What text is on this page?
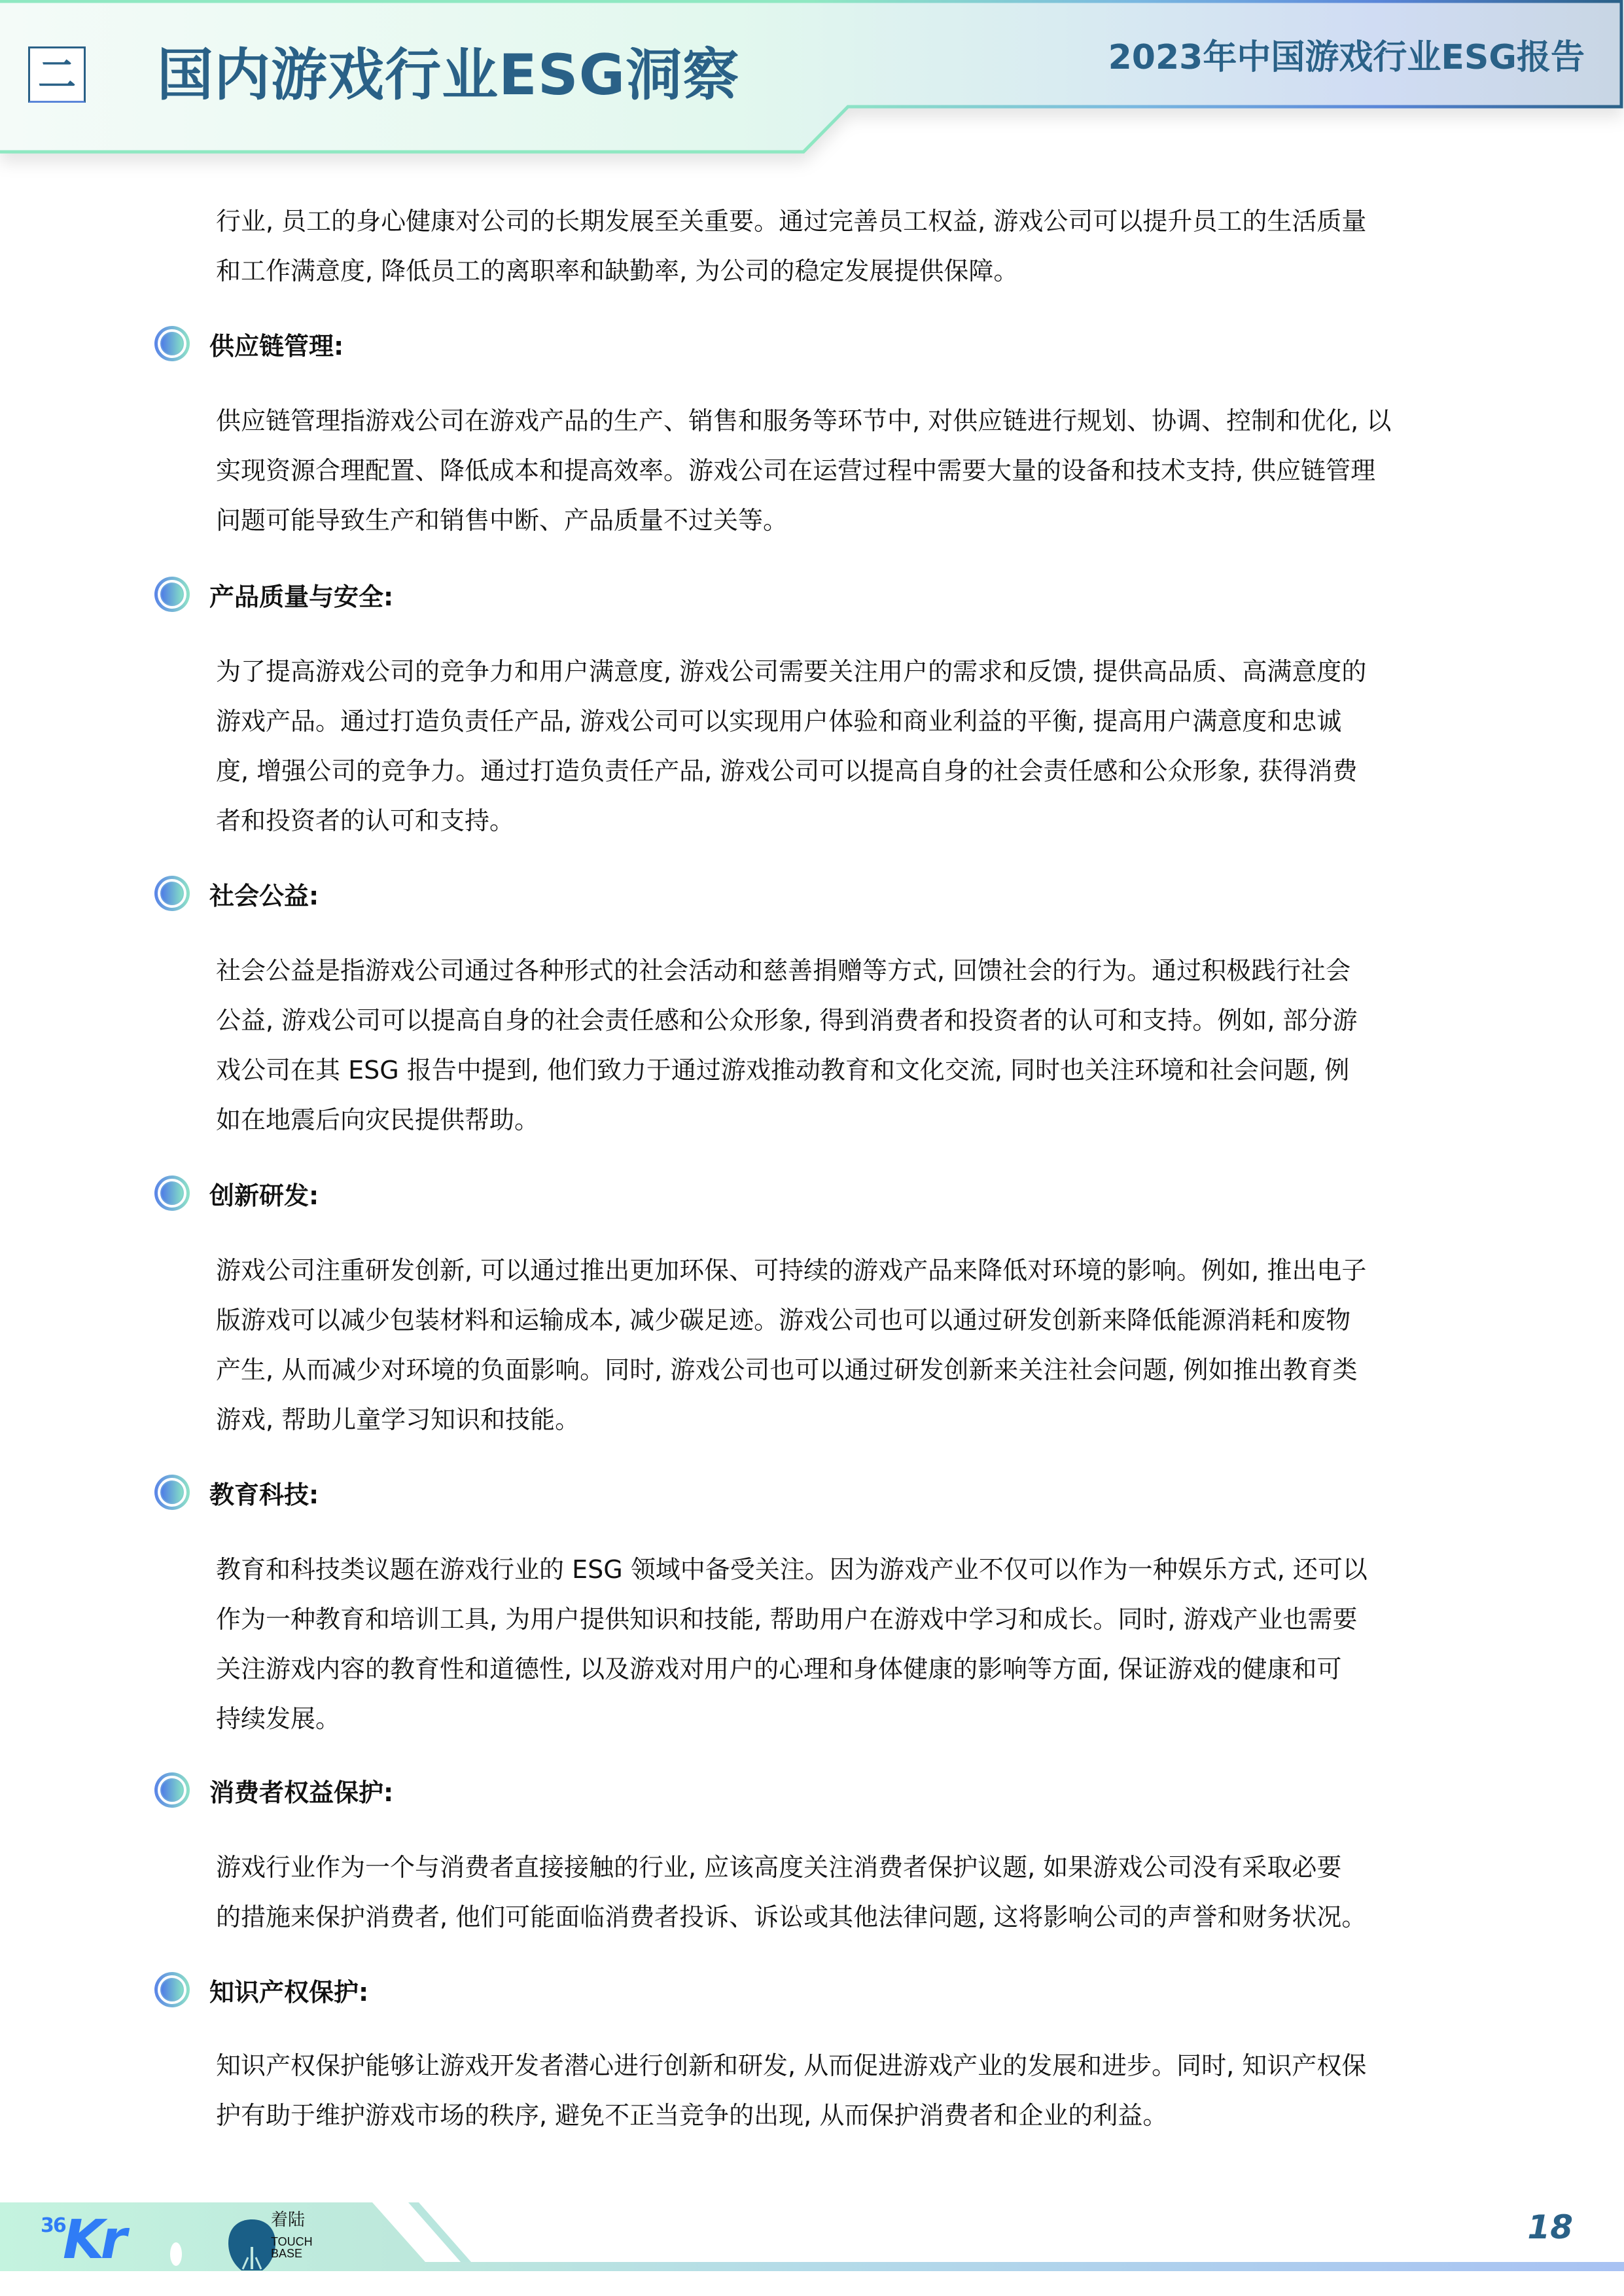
二 国内游戏行业ESG洞察	2023年中国游戏行业ESG报告
行业, 员工的身心健康对公司的长期发展至关重要。通过完善员工权益, 游戏公司可以提升员工的生活质量
和工作满意度, 降低员工的离职率和缺勤率, 为公司的稳定发展提供保障。
供应链管理:
供应链管理指游戏公司在游戏产品的生产、销售和服务等环节中, 对供应链进行规划、协调、控制和优化, 以
实现资源合理配置、降低成本和提高效率。游戏公司在运营过程中需要大量的设备和技术支持, 供应链管理
问题可能导致生产和销售中断、产品质量不过关等。
产品质量与安全:
为了提高游戏公司的竞争力和用户满意度, 游戏公司需要关注用户的需求和反馈, 提供高品质、高满意度的
游戏产品。通过打造负责任产品, 游戏公司可以实现用户体验和商业利益的平衡, 提高用户满意度和忠诚
度, 增强公司的竞争力。通过打造负责任产品, 游戏公司可以提高自身的社会责任感和公众形象, 获得消费
者和投资者的认可和支持。
社会公益:
社会公益是指游戏公司通过各种形式的社会活动和慈善捐赠等方式, 回馈社会的行为。通过积极践行社会
公益, 游戏公司可以提高自身的社会责任感和公众形象, 得到消费者和投资者的认可和支持。例如, 部分游
戏公司在其 ESG 报告中提到, 他们致力于通过游戏推动教育和文化交流, 同时也关注环境和社会问题, 例
如在地震后向灾民提供帮助。
创新研发:
游戏公司注重研发创新, 可以通过推出更加环保、可持续的游戏产品来降低对环境的影响。例如, 推出电子
版游戏可以减少包装材料和运输成本, 减少碳足迹。游戏公司也可以通过研发创新来降低能源消耗和废物
产生, 从而减少对环境的负面影响。同时, 游戏公司也可以通过研发创新来关注社会问题, 例如推出教育类
游戏, 帮助儿童学习知识和技能。
教育科技:
教育和科技类议题在游戏行业的 ESG 领域中备受关注。因为游戏产业不仅可以作为一种娱乐方式, 还可以
作为一种教育和培训工具, 为用户提供知识和技能, 帮助用户在游戏中学习和成长。同时, 游戏产业也需要
关注游戏内容的教育性和道德性, 以及游戏对用户的心理和身体健康的影响等方面, 保证游戏的健康和可
持续发展。
消费者权益保护:
游戏行业作为一个与消费者直接接触的行业, 应该高度关注消费者保护议题, 如果游戏公司没有采取必要
的措施来保护消费者, 他们可能面临消费者投诉、诉讼或其他法律问题, 这将影响公司的声誉和财务状况。
知识产权保护:
知识产权保护能够让游戏开发者潜心进行创新和研发, 从而促进游戏产业的发展和进步。同时, 知识产权保
护有助于维护游戏市场的秩序, 避免不正当竞争的出现, 从而保护消费者和企业的利益。
36
Kr	着陆
TOUCH
BASE
18
